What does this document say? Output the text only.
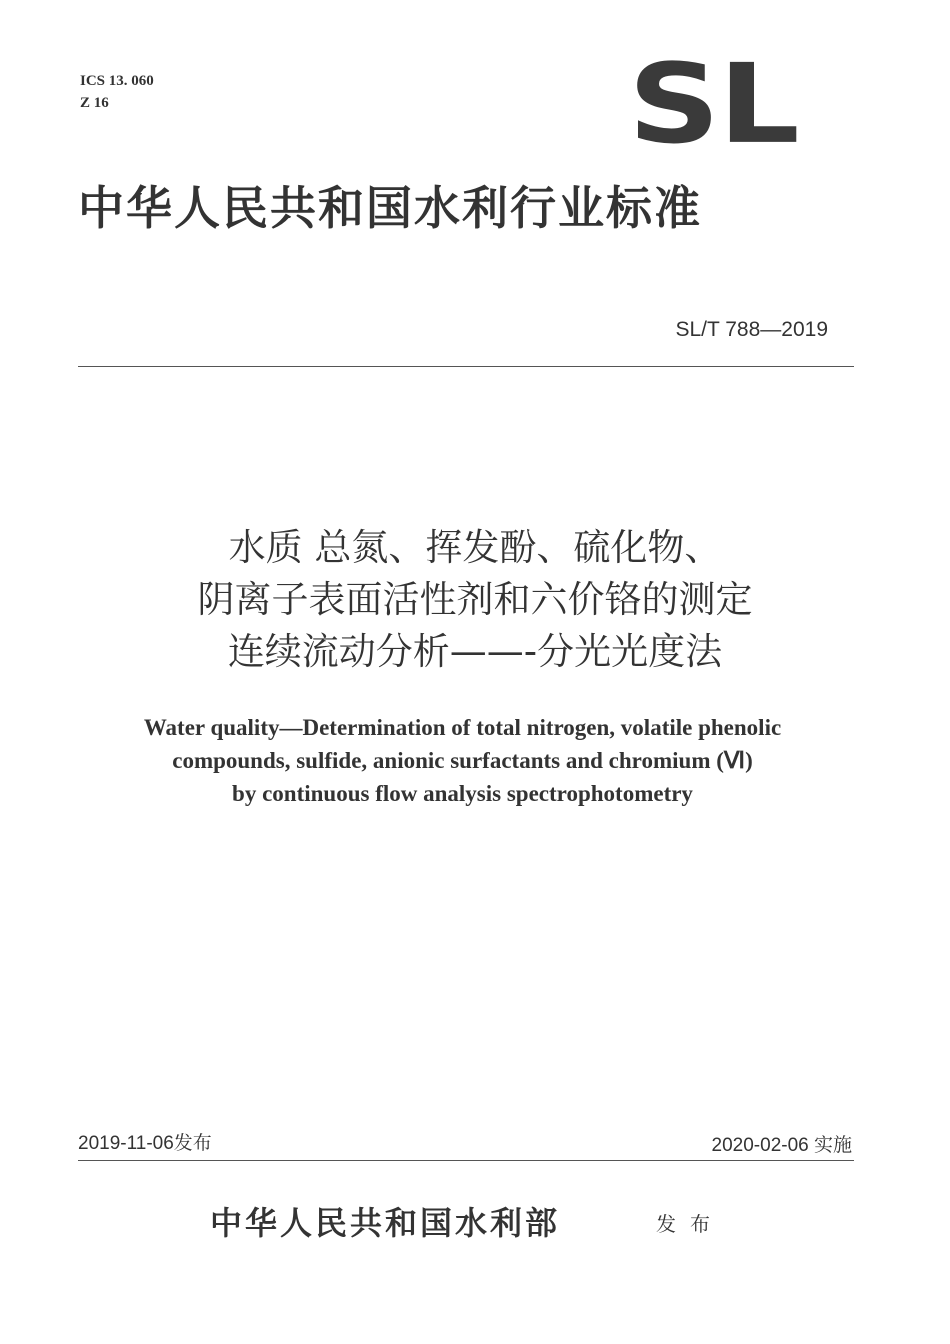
ICS 13. 060
Z 16	SL
中华人民共和国水利行业标准
SL/T 788—2019
水质 总氮、挥发酚、硫化物、
阴离子表面活性剂和六价铬的测定
连续流动分析——-分光光度法
Water quality—Determination of total nitrogen, volatile phenolic
compounds, sulfide, anionic surfactants and chromium (Ⅵ)
by continuous flow analysis spectrophotometry
2019-11-06发布	2020-02-06 实施
中华人民共和国水利部	发布
